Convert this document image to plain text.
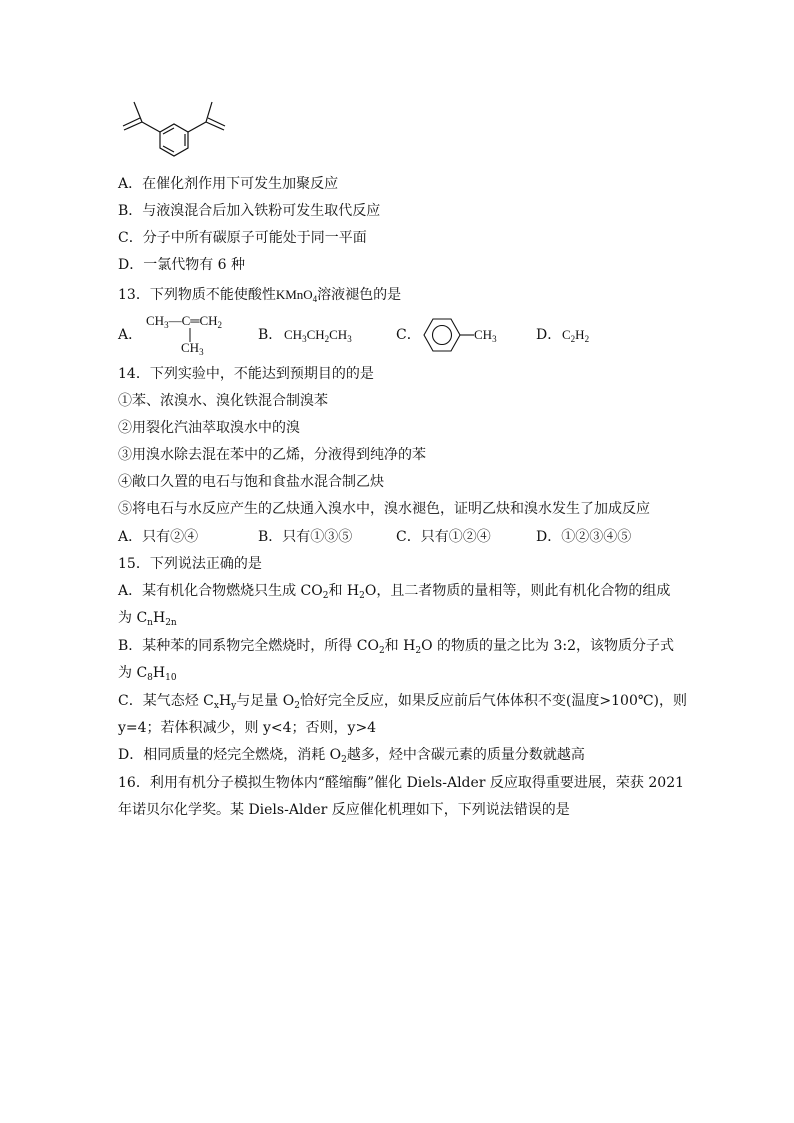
A．在催化剂作用下可发生加聚反应
B．与液溴混合后加入铁粉可发生取代反应
C．分子中所有碳原子可能处于同一平面
D．一氯代物有 6 种
13．下列物质不能使酸性KMnO$_4$溶液褪色的是
A．
$CH_3—C═CH_2$
$CH_3$
B． $CH_3CH_2CH_3$	C．	$CH_3$	D． $C_2H_2$
14．下列实验中，不能达到预期目的的是
①苯、浓溴水、溴化铁混合制溴苯
②用裂化汽油萃取溴水中的溴
③用溴水除去混在苯中的乙烯，分液得到纯净的苯
④敞口久置的电石与饱和食盐水混合制乙炔
⑤将电石与水反应产生的乙炔通入溴水中，溴水褪色，证明乙炔和溴水发生了加成反应
A．只有②④	B．只有①③⑤	C．只有①②④	D．①②③④⑤
15．下列说法正确的是
A．某有机化合物燃烧只生成 $CO_2$和 $H_2O$，且二者物质的量相等，则此有机化合物的组成
为 $C_nH_{2n}$
B．某种苯的同系物完全燃烧时，所得 $CO_2$和 $H_2O$ 的物质的量之比为 3:2，该物质分子式
为 $C_8H_{10}$
C．某气态烃 $C_xH_y$与足量 $O_2$恰好完全反应，如果反应前后气体体积不变(温度>100℃)，则
y=4；若体积减少，则 y<4；否则，y>4
D．相同质量的烃完全燃烧，消耗 $O_2$越多，烃中含碳元素的质量分数就越高
16．利用有机分子模拟生物体内“醛缩酶”催化 Diels-Alder 反应取得重要进展，荣获 2021
年诺贝尔化学奖。某 Diels-Alder 反应催化机理如下，下列说法错误的是
